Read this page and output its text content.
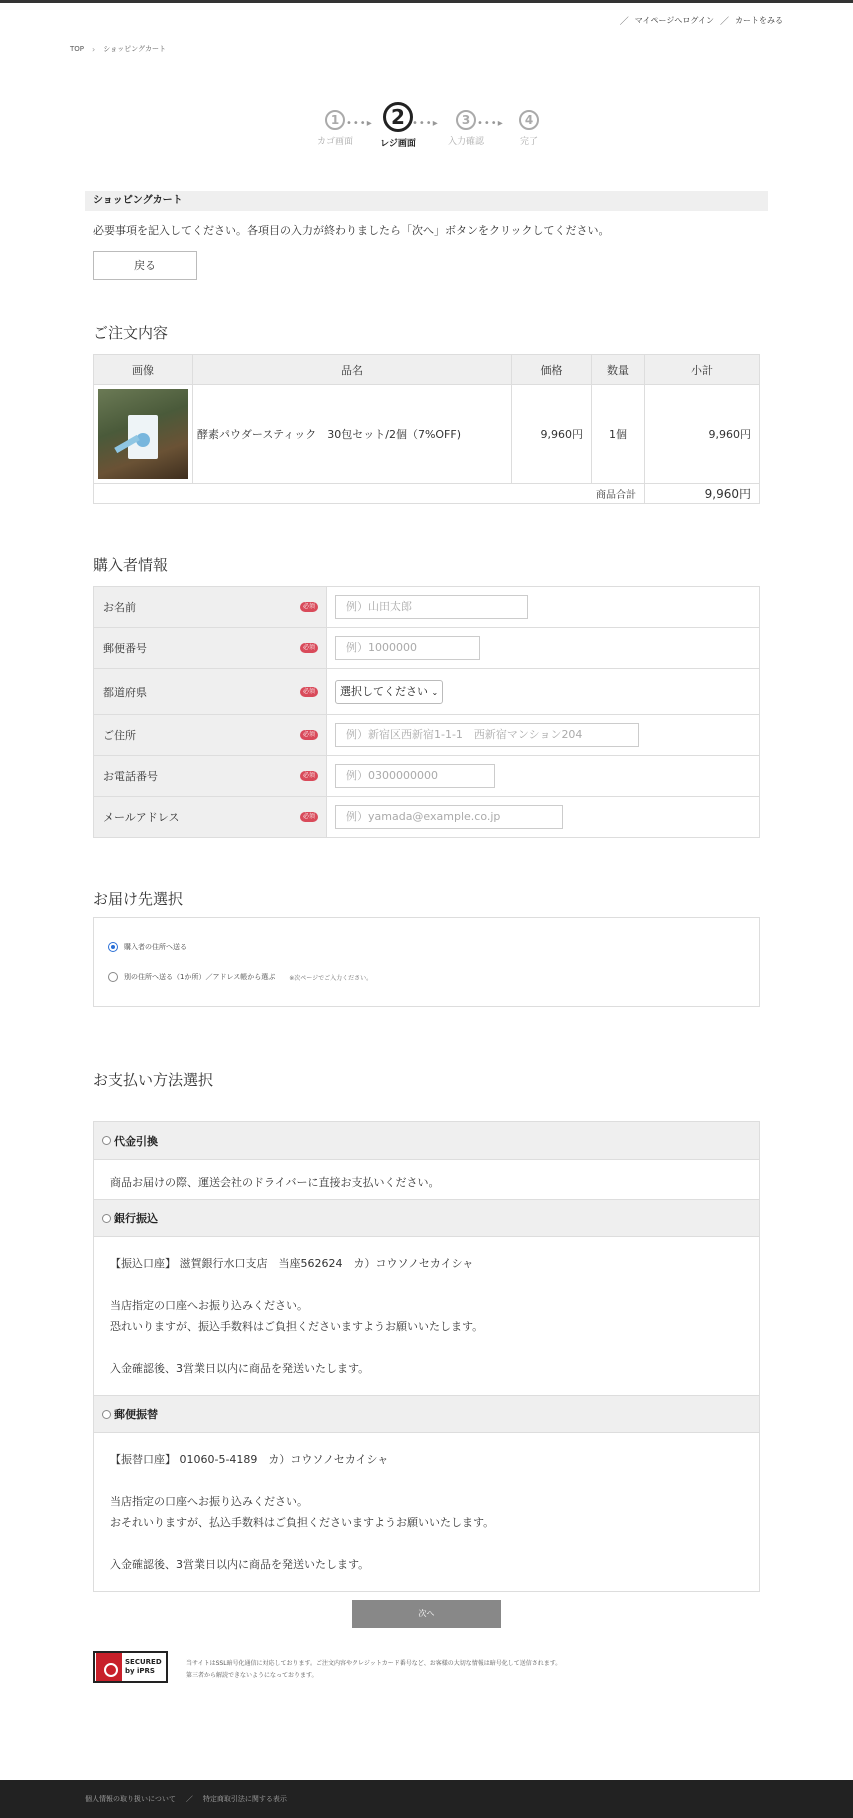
／ マイページへログイン ／ カートをみる
TOP › ショッピングカート
1
カゴ画面
•••▸ 2
レジ画面
•••▸	3
入力確認
•••▸	4
完了
ショッピングカート
必要事項を記入してください。各項目の入力が終わりましたら「次へ」ボタンをクリックしてください。
戻る
ご注文内容
画像	品名	価格	数量	小計

	酵素パウダースティック　30包セット/2個（7%OFF)	9,960円	1個	9,960円
商品合計				9,960円
購入者情報
お名前 必須	例）山田太郎

郵便番号 必須	例）1000000

都道府県 必須	選択してください ⌄
ご住所 必須	例）新宿区西新宿1-1-1　西新宿マンション204

お電話番号 必須	例）0300000000

メールアドレス 必須	例）yamada@example.co.jp
お届け先選択
購入者の住所へ送る
別の住所へ送る（1か所）／アドレス帳から選ぶ ※次ページでご入力ください。
お支払い方法選択
代金引換

商品お届けの際、運送会社のドライバーに直接お支払いください。

銀行振込

【振込口座】 滋賀銀行水口支店　当座562624　カ）コウソノセカイシャ

当店指定の口座へお振り込みください。

恐れいりますが、振込手数料はご負担くださいますようお願いいたします。

入金確認後、3営業日以内に商品を発送いたします。

郵便振替

【振替口座】 01060-5-4189　カ）コウソノセカイシャ

当店指定の口座へお振り込みください。

おそれいりますが、払込手数料はご負担くださいますようお願いいたします。

入金確認後、3営業日以内に商品を発送いたします。

次へ
SECURED
by iPRS
当サイトはSSL暗号化通信に対応しております。ご注文内容やクレジットカード番号など、お客様の大切な情報は暗号化して送信されます。第三者から解読できないようになっております。
個人情報の取り扱いについて ／ 特定商取引法に関する表示
